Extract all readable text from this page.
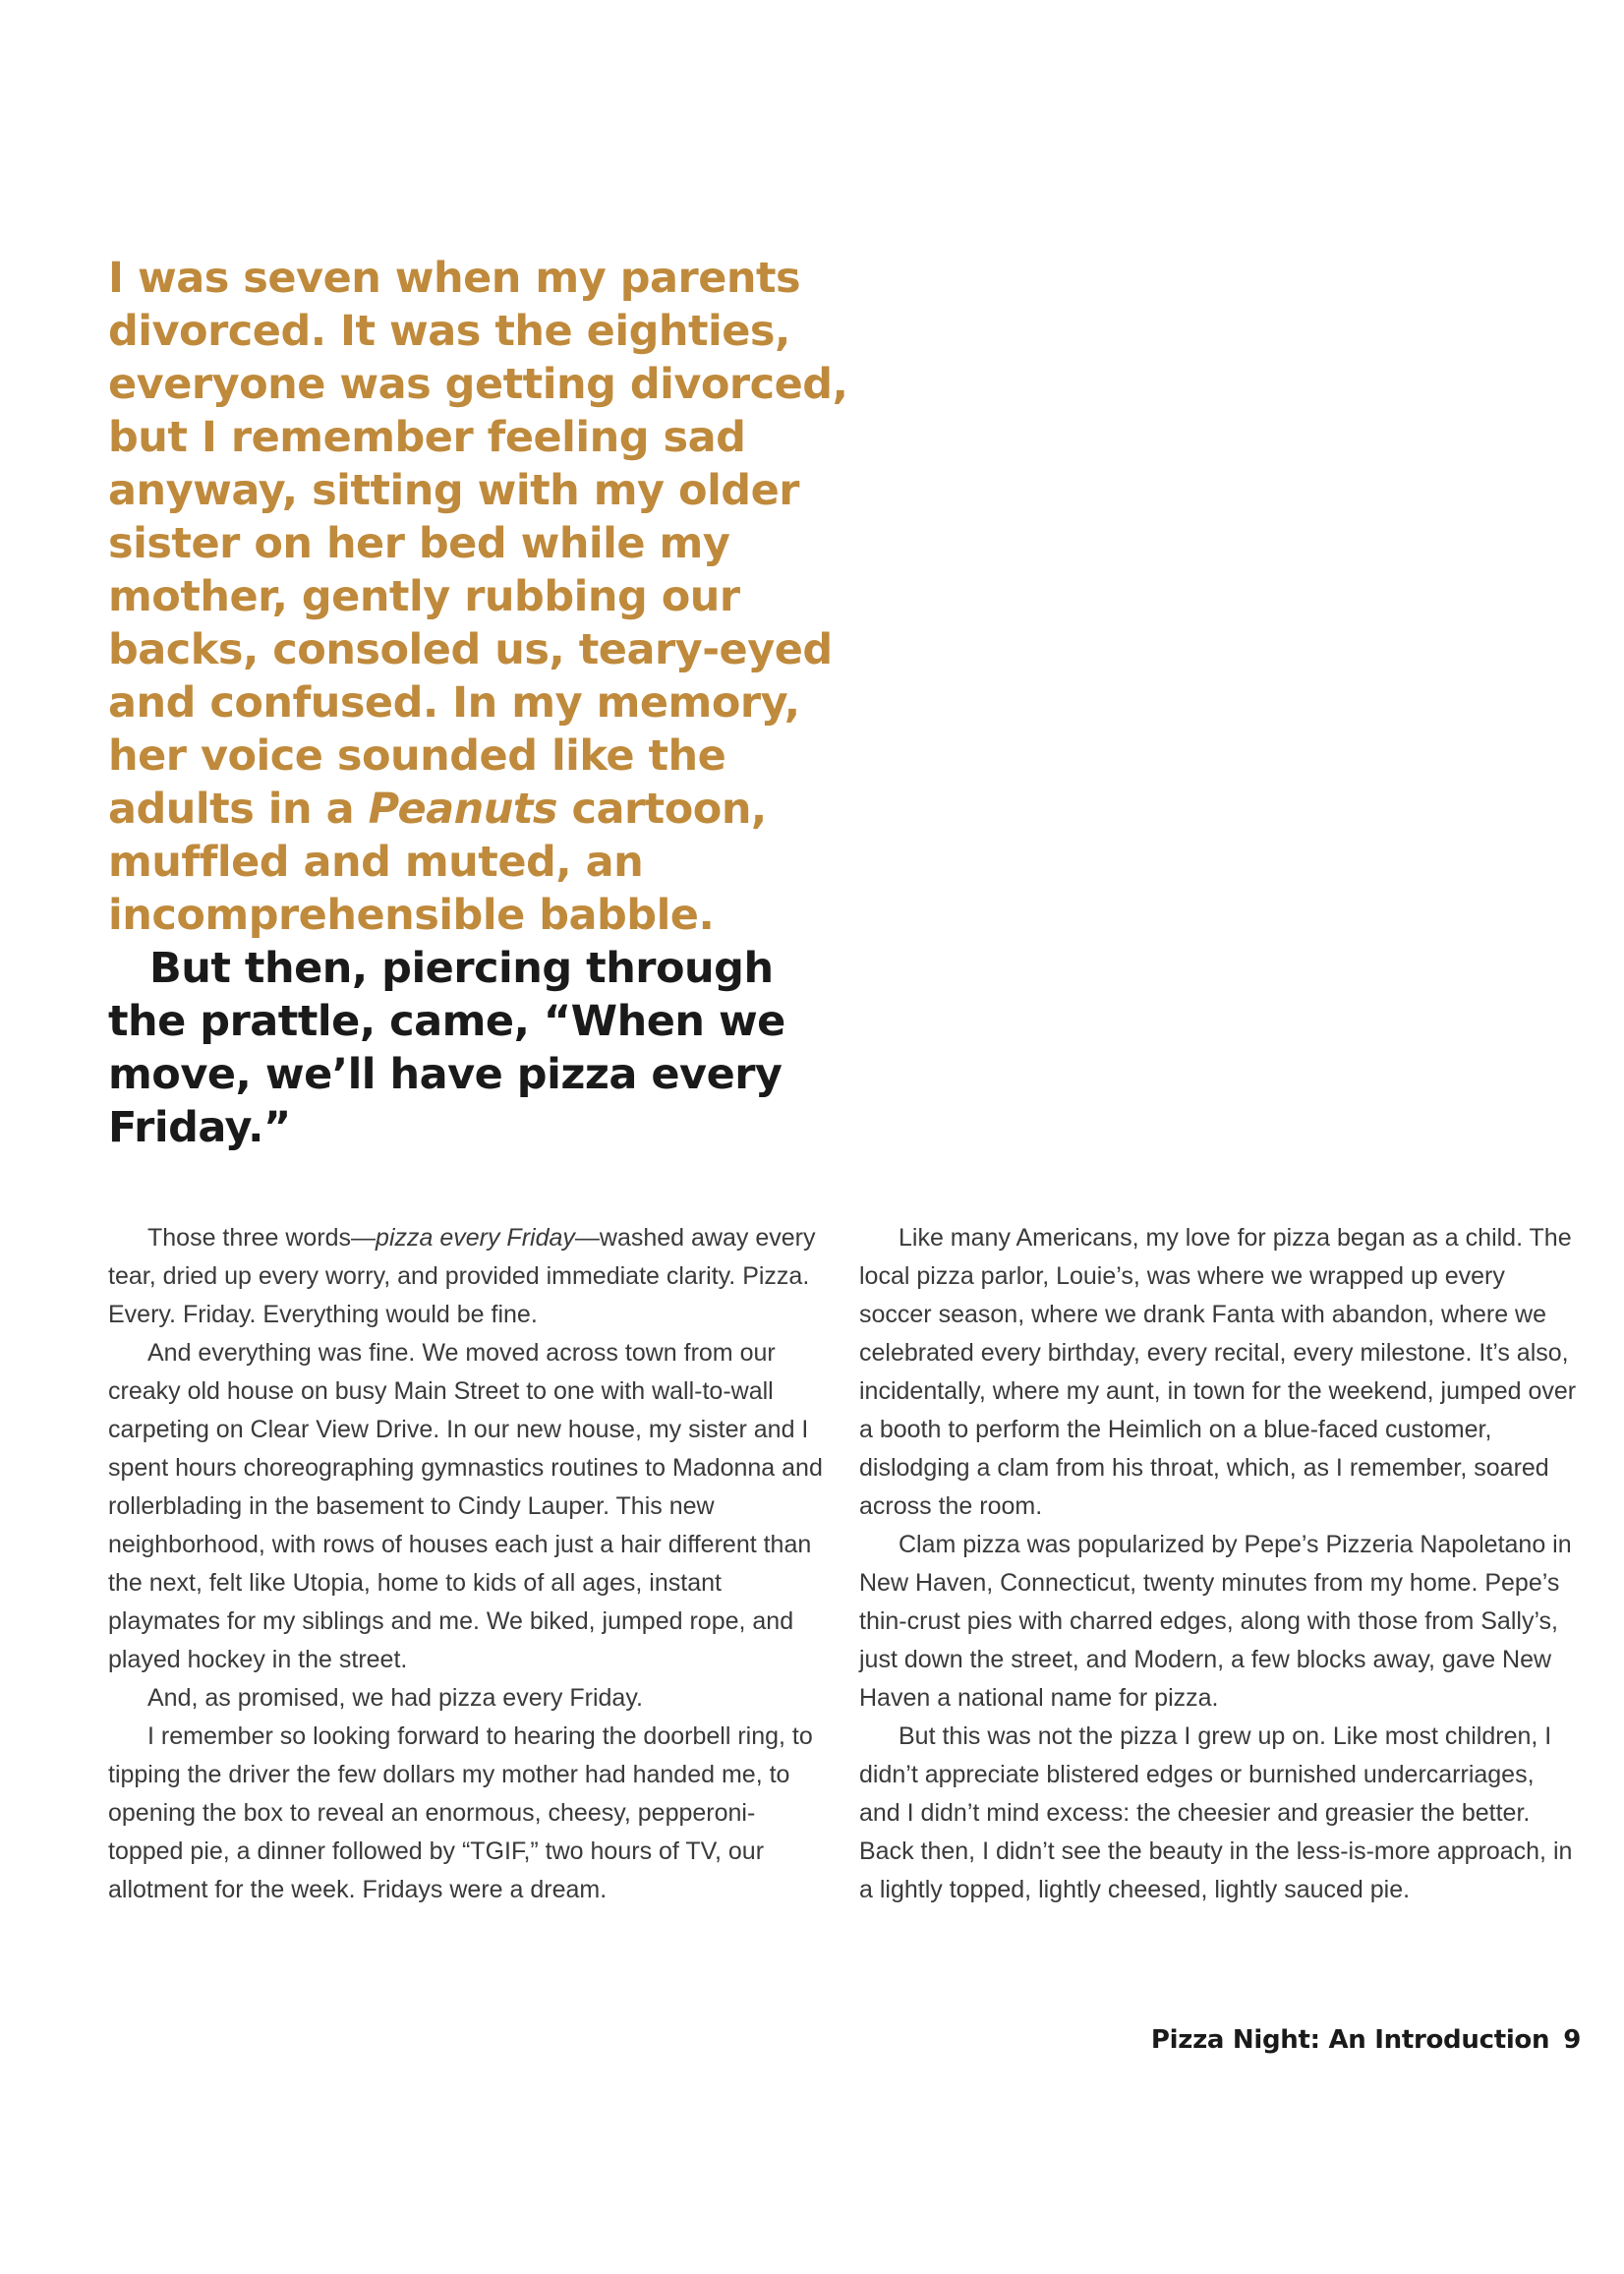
I was seven when my parents divorced. It was the eighties, everyone was getting divorced, but I remember feeling sad anyway, sitting with my older sister on her bed while my mother, gently rubbing our backs, consoled us, teary-eyed and confused. In my memory, her voice sounded like the adults in a Peanuts cartoon, muffled and muted, an incomprehensible babble.

But then, piercing through the prattle, came, “When we move, we’ll have pizza every Friday.”

Those three words—pizza every Friday—washed away every tear, dried up every worry, and provided immediate clarity. Pizza. Every. Friday. Everything would be fine.

And everything was fine. We moved across town from our creaky old house on busy Main Street to one with wall-to-wall carpeting on Clear View Drive. In our new house, my sister and I spent hours choreographing gymnastics routines to Madonna and rollerblading in the basement to Cindy Lauper. This new neighborhood, with rows of houses each just a hair different than the next, felt like Utopia, home to kids of all ages, instant playmates for my siblings and me. We biked, jumped rope, and played hockey in the street.

And, as promised, we had pizza every Friday.

I remember so looking forward to hearing the doorbell ring, to tipping the driver the few dollars my mother had handed me, to opening the box to reveal an enormous, cheesy, pepperoni-topped pie, a dinner followed by “TGIF,” two hours of TV, our allotment for the week. Fridays were a dream.

Like many Americans, my love for pizza began as a child. The local pizza parlor, Louie’s, was where we wrapped up every soccer season, where we drank Fanta with abandon, where we celebrated every birthday, every recital, every milestone. It’s also, incidentally, where my aunt, in town for the weekend, jumped over a booth to perform the Heimlich on a blue-faced customer, dislodging a clam from his throat, which, as I remember, soared across the room.

Clam pizza was popularized by Pepe’s Pizzeria Napoletano in New Haven, Connecticut, twenty minutes from my home. Pepe’s thin-crust pies with charred edges, along with those from Sally’s, just down the street, and Modern, a few blocks away, gave New Haven a national name for pizza.

But this was not the pizza I grew up on. Like most children, I didn’t appreciate blistered edges or burnished undercarriages, and I didn’t mind excess: the cheesier and greasier the better. Back then, I didn’t see the beauty in the less-is-more approach, in a lightly topped, lightly cheesed, lightly sauced pie.

Pizza Night: An Introduction 9
